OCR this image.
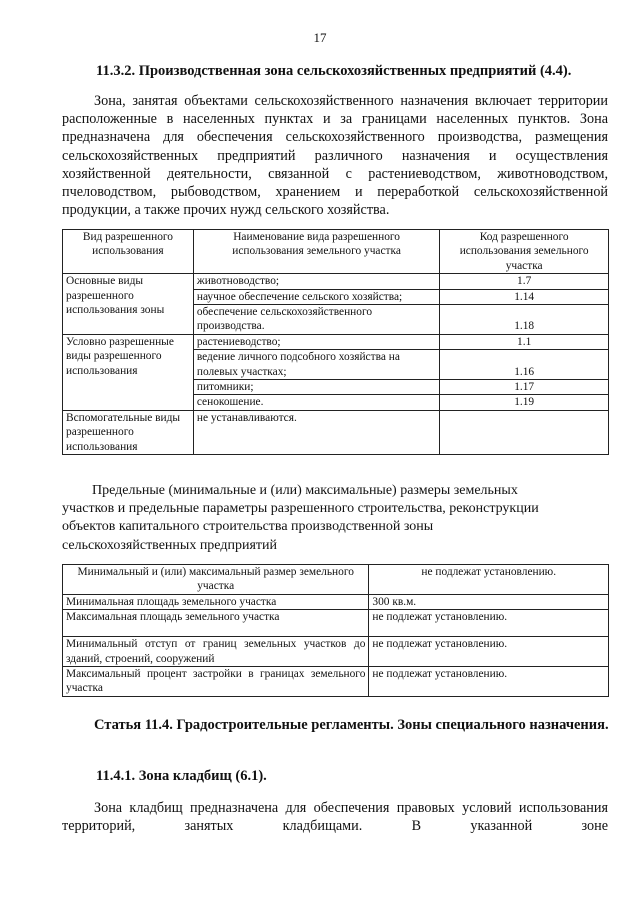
17
11.3.2. Производственная зона сельскохозяйственных предприятий (4.4).
Зона, занятая объектами сельскохозяйственного назначения включает территории расположенные в населенных пунктах и за границами населенных пунктов. Зона предназначена для обеспечения сельскохозяйственного производства, размещения сельскохозяйственных предприятий различного назначения и осуществления хозяйственной деятельности, связанной с растениеводством, животноводством, пчеловодством, рыбоводством, хранением и переработкой сельскохозяйственной продукции, а также прочих нужд сельского хозяйства.
Вид разрешенного использования	Наименование вида разрешенного использования земельного участка	Код разрешенного использования земельного участка
Основные виды разрешенного использования зоны	животноводство;	1.7
	научное обеспечение сельского хозяйства;	1.14
	обеспечение сельскохозяйственного производства.	1.18
Условно разрешенные виды разрешенного использования	растениеводство;	1.1
	ведение личного подсобного хозяйства на полевых участках;	1.16
	питомники;	1.17
	сенокошение.	1.19
Вспомогательные виды разрешенного использования	не устанавливаются.	
Предельные (минимальные и (или) максимальные) размеры земельных участков и предельные параметры разрешенного строительства, реконструкции объектов капитального строительства производственной зоны сельскохозяйственных предприятий
Минимальный и (или) максимальный размер земельного участка	не подлежат установлению.
Минимальная площадь земельного участка	300 кв.м.
Максимальная площадь земельного участка	не подлежат установлению.
Минимальный отступ от границ земельных участков до зданий, строений, сооружений	не подлежат установлению.
Максимальный процент застройки в границах земельного участка	не подлежат установлению.
Статья 11.4. Градостроительные регламенты. Зоны специального назначения.
11.4.1. Зона кладбищ (6.1).
Зона кладбищ предназначена для обеспечения правовых условий использования территорий, занятых кладбищами. В указанной зоне
